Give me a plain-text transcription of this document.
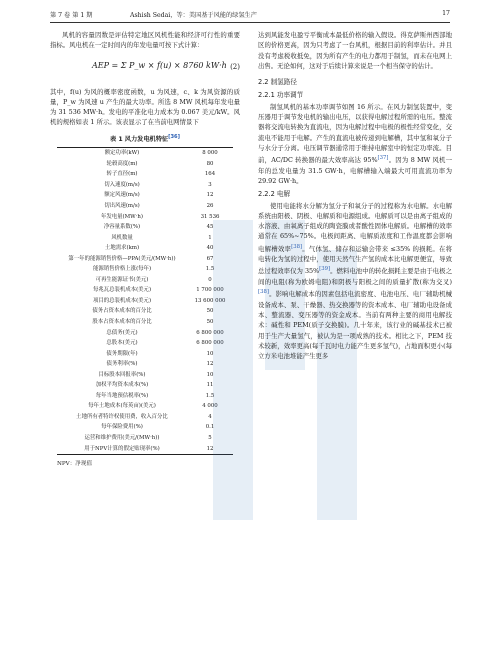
第 7 卷 第 1 期	Ashish Sedai，等：美国基于风能的绿氢生产	17

风机的容量因数是评估特定地区风机性能和经济可行性的重要指标。风电机在一定时间内的年发电量可按下式计算：

AEP = Σ P_w × f(u) × 8760 kW·h (2)

其中，f(u) 为风的概率密度函数，u 为风速，c、k 为风资源的质量，P_w 为风速 u 产生的最大功率。所选 8 MW 风机每年发电量为 31 536 MW·h。发电的平准化电力成本为 0.067 美元/kW。风机的规格如表 1 所示。该表显示了在当前电网情景下

表 1 风力发电机特征[36]
额定功率(kW)	8 000
轮毂高度(m)	80
转子直径(m)	164
切入速度(m/s)	3
额定风速(m/s)	12
切出风速(m/s)	26
年发电量(MW·h)	31 536
净容量系数(%)	45
风机数量	1
土地需求(km)	40
第一年的能源销售价格—PPA(美元/(MW·h))	67
能源销售价格上涨(每年)	1.5
可再生能源证书(美元)	0
每兆瓦总装机成本(美元)	1 700 000
项目的总装机成本(美元)	13 600 000
债务占资本成本的百分比	50
股本占资本成本的百分比	50
总债务(美元)	6 800 000
总股本(美元)	6 800 000
债务期限(年)	10
债务利率(%)	12
目标股本回报率(%)	10
加权平均资本成本(%)	11
每年当地预估税率(%)	1.5
每年土地成本(每英亩)(美元)	4 000
土地所有者特许权使用费，收入百分比	4
每年保险费用(%)	0.1
运营和维护费用(美元/(MW·h))	5
用于NPV计算的假定贴现率(%)	12
NPV：净现值

达到风能发电盈亏平衡成本最低价格的输入假设。得克萨斯州西部地区的价格更高，因为只考虑了一台风机，根据目前的利率估计。并且没有考虑税收抵免，因为所有产生的电力都用于制氢，而未在电网上出售。无论如何，这对于后续计算来说是一个相当保守的估计。

2.2 制氢路径
2.2.1 功率调节

制氢风机的基本功率调节如图 16 所示。在风力制氢装置中，变压器用于调节发电机的输出电压，以获得电解过程所需的电压。整流器将交流电转换为直流电，因为电解过程中电极的极性经常变化，交流电不能用于电解。产生的直流电被传递到电解槽，其中氢和氧分子与水分子分离。电压调节器通常用于维持电解室中的恒定功率流。目前，AC/DC 转换器的最大效率高达 95%[37]。因为 8 MW 风机一年的总发电量为 31.5 GW·h，电解槽输入端最大可用直流功率为 29.92 GW·h。

2.2.2 电解

使用电能将水分解为氢分子和氧分子的过程称为水电解。水电解系统由阳极、阴极、电解质和电源组成。电解质可以是由离子组成的水溶液、由氧离子组成的陶瓷膜或者酸性固体电解质。电解槽的效率通常在 65%~75%。电极间距离、电解质浓度和工作温度都会影响电解槽效率[38]。气体氢、储存和运输会带来 ≤35% 的损耗。在将电转化为氢的过程中，使用天然气生产氢的成本比电解更便宜，导致总过程效率仅为 35%[39]。燃料电池中的转化损耗主要是由于电极之间的电阻(称为欧姆电阻)和阴极与阳极之间的质量扩散(称为交叉)[38]。影响电解成本的因素包括电流密度、电池电压、电厂辅助机械设备成本、泵、干燥器、热交换器等的资本成本、电厂辅助电设备成本、整流器、变压器等的资金成本。当前有两种主要的商用电解技术：碱性和 PEM(质子交换膜)。几十年来，该行业的碱基技术已被用于生产大量氢气，被认为是一项成熟的技术。相比之下，PEM 技术较新，效率更高(每千瓦时电力能产生更多氢气)，占地面积更小(每立方米电池堆能产生更多
